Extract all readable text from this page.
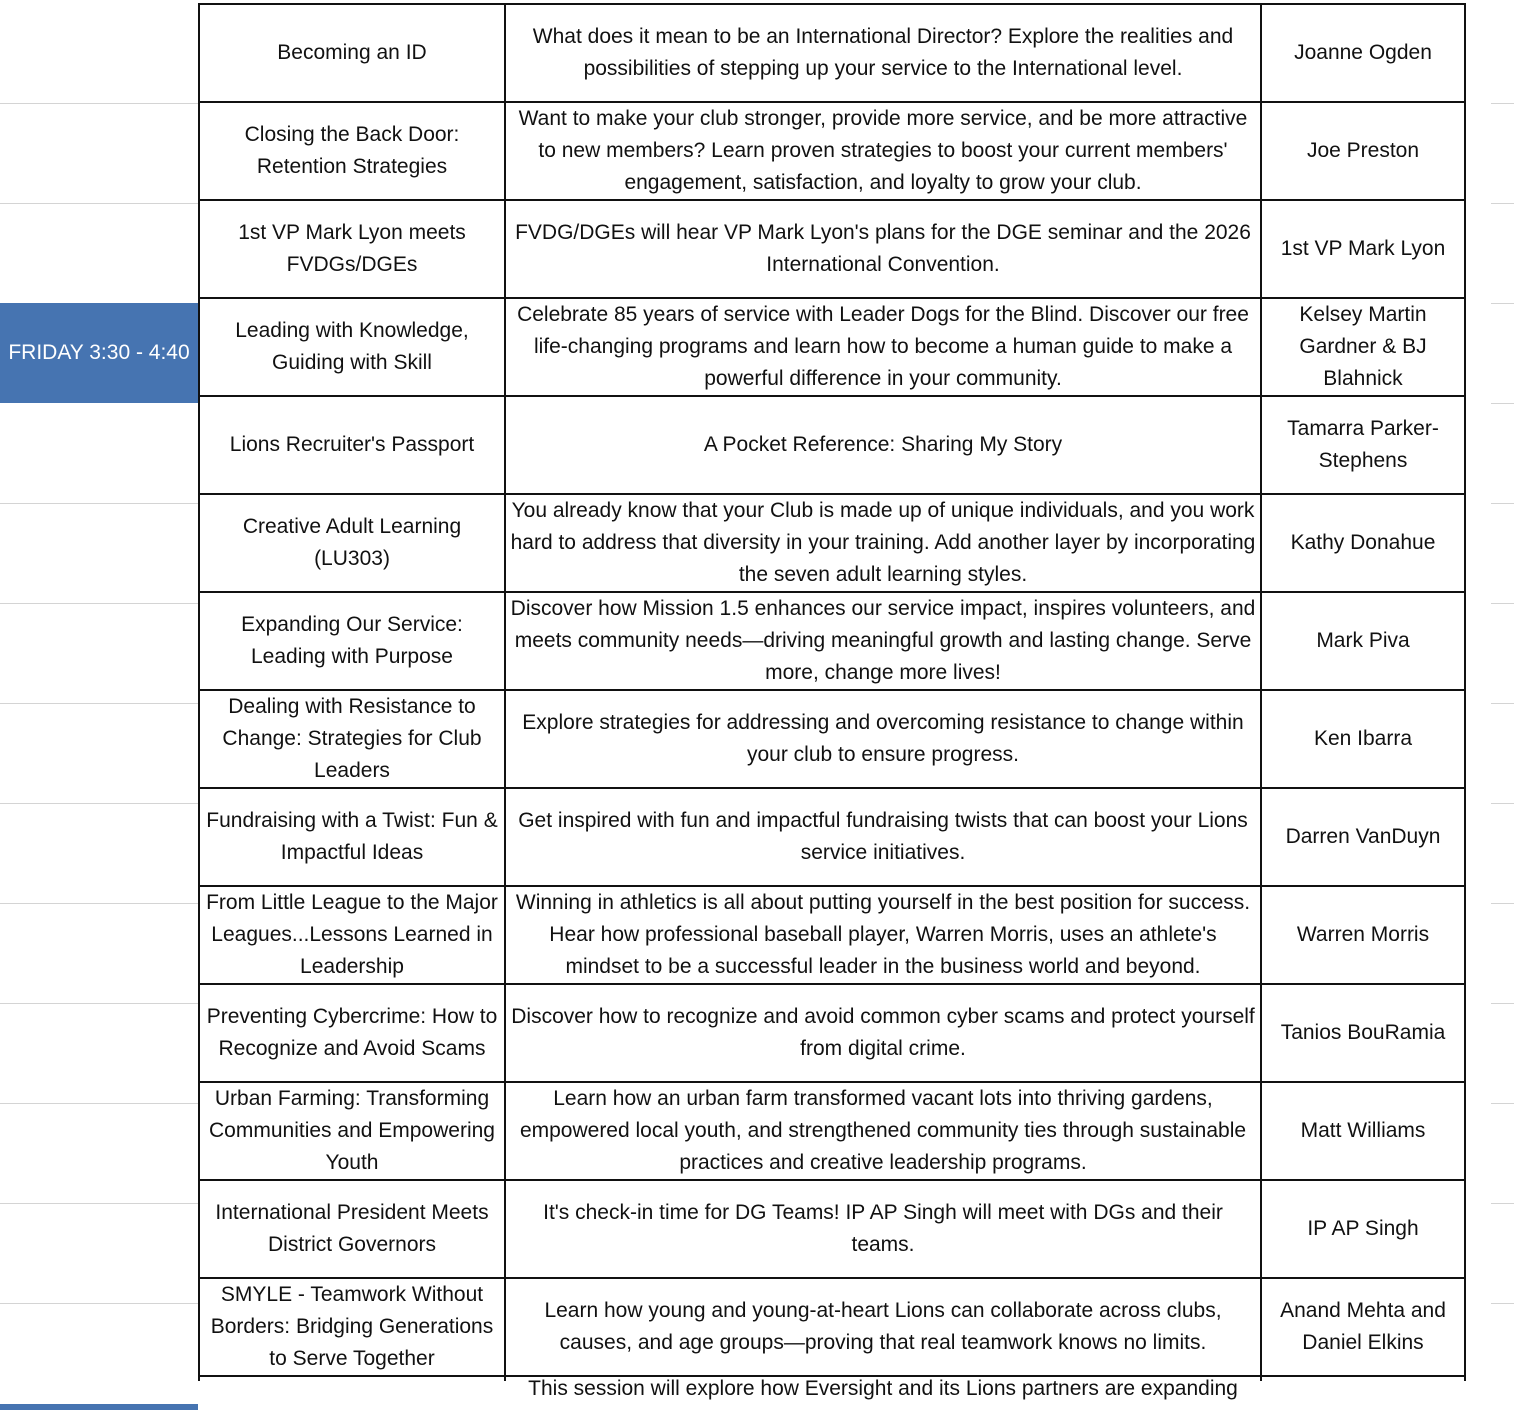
FRIDAY 3:30 - 4:40
Becoming an ID	What does it mean to be an International Director? Explore the realities and possibilities of stepping up your service to the International level.	Joanne Ogden

Closing the Back Door: Retention Strategies	Want to make your club stronger, provide more service, and be more attractive to new members? Learn proven strategies to boost your current members' engagement, satisfaction, and loyalty to grow your club.	Joe Preston

1st VP Mark Lyon meets FVDGs/DGEs	FVDG/DGEs will hear VP Mark Lyon's plans for the DGE seminar and the 2026 International Convention.	1st VP Mark Lyon

Leading with Knowledge, Guiding with Skill	Celebrate 85 years of service with Leader Dogs for the Blind. Discover our free life-changing programs and learn how to become a human guide to make a powerful difference in your community.	Kelsey Martin Gardner & BJ Blahnick

Lions Recruiter's Passport	A Pocket Reference: Sharing My Story	Tamarra Parker-Stephens

Creative Adult Learning (LU303)	You already know that your Club is made up of unique individuals, and you work hard to address that diversity in your training. Add another layer by incorporating the seven adult learning styles.	Kathy Donahue

Expanding Our Service: Leading with Purpose	Discover how Mission 1.5 enhances our service impact, inspires volunteers, and meets community needs—driving meaningful growth and lasting change. Serve more, change more lives!	Mark Piva

Dealing with Resistance to Change: Strategies for Club Leaders	Explore strategies for addressing and overcoming resistance to change within your club to ensure progress.	Ken Ibarra

Fundraising with a Twist: Fun & Impactful Ideas	Get inspired with fun and impactful fundraising twists that can boost your Lions service initiatives.	Darren VanDuyn

From Little League to the Major Leagues...Lessons Learned in Leadership	Winning in athletics is all about putting yourself in the best position for success. Hear how professional baseball player, Warren Morris, uses an athlete's mindset to be a successful leader in the business world and beyond.	Warren Morris

Preventing Cybercrime: How to Recognize and Avoid Scams	Discover how to recognize and avoid common cyber scams and protect yourself from digital crime.	Tanios BouRamia

Urban Farming: Transforming Communities and Empowering Youth	Learn how an urban farm transformed vacant lots into thriving gardens, empowered local youth, and strengthened community ties through sustainable practices and creative leadership programs.	Matt Williams

International President Meets District Governors	It's check-in time for DG Teams! IP AP Singh will meet with DGs and their teams.	IP AP Singh

SMYLE - Teamwork Without Borders: Bridging Generations to Serve Together	Learn how young and young-at-heart Lions can collaborate across clubs, causes, and age groups—proving that real teamwork knows no limits.	Anand Mehta and Daniel Elkins

	This session will explore how Eversight and its Lions partners are expanding	
